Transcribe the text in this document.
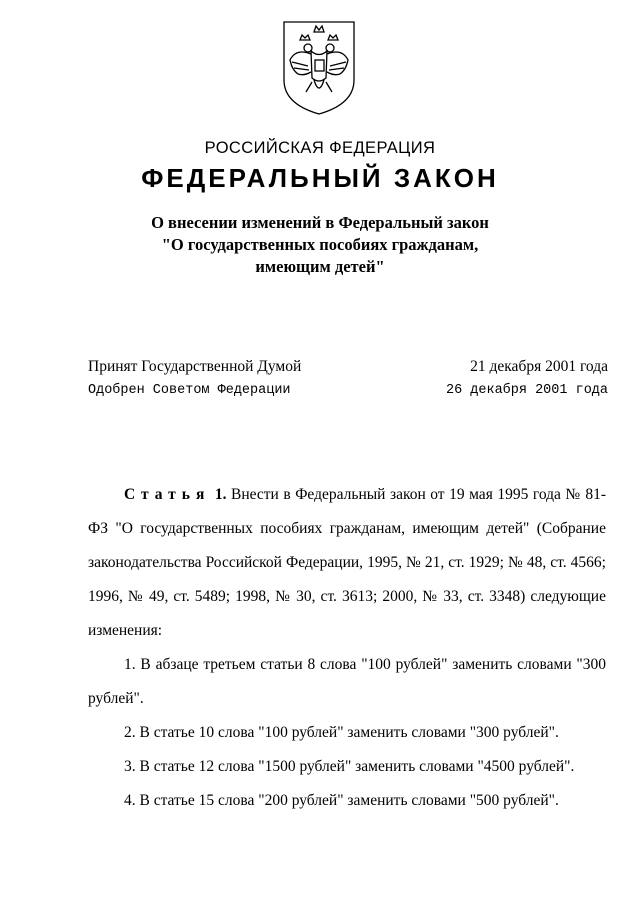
РОССИЙСКАЯ ФЕДЕРАЦИЯ
ФЕДЕРАЛЬНЫЙ ЗАКОН
О внесении изменений в Федеральный закон
"О государственных пособиях гражданам,
имеющим детей"
Принят Государственной Думой	21 декабря 2001 года
Одобрен Советом Федерации	26 декабря 2001 года

Статья 1. Внести в Федеральный закон от 19 мая 1995 года № 81-ФЗ "О государственных пособиях гражданам, имеющим детей" (Собрание законодательства Российской Федерации, 1995, № 21, ст. 1929; № 48, ст. 4566; 1996, № 49, ст. 5489; 1998, № 30, ст. 3613; 2000, № 33, ст. 3348) следующие изменения:

1. В абзаце третьем статьи 8 слова "100 рублей" заменить словами "300 рублей".

2. В статье 10 слова "100 рублей" заменить словами "300 рублей".

3. В статье 12 слова "1500 рублей" заменить словами "4500 рублей".

4. В статье 15 слова "200 рублей" заменить словами "500 рублей".
